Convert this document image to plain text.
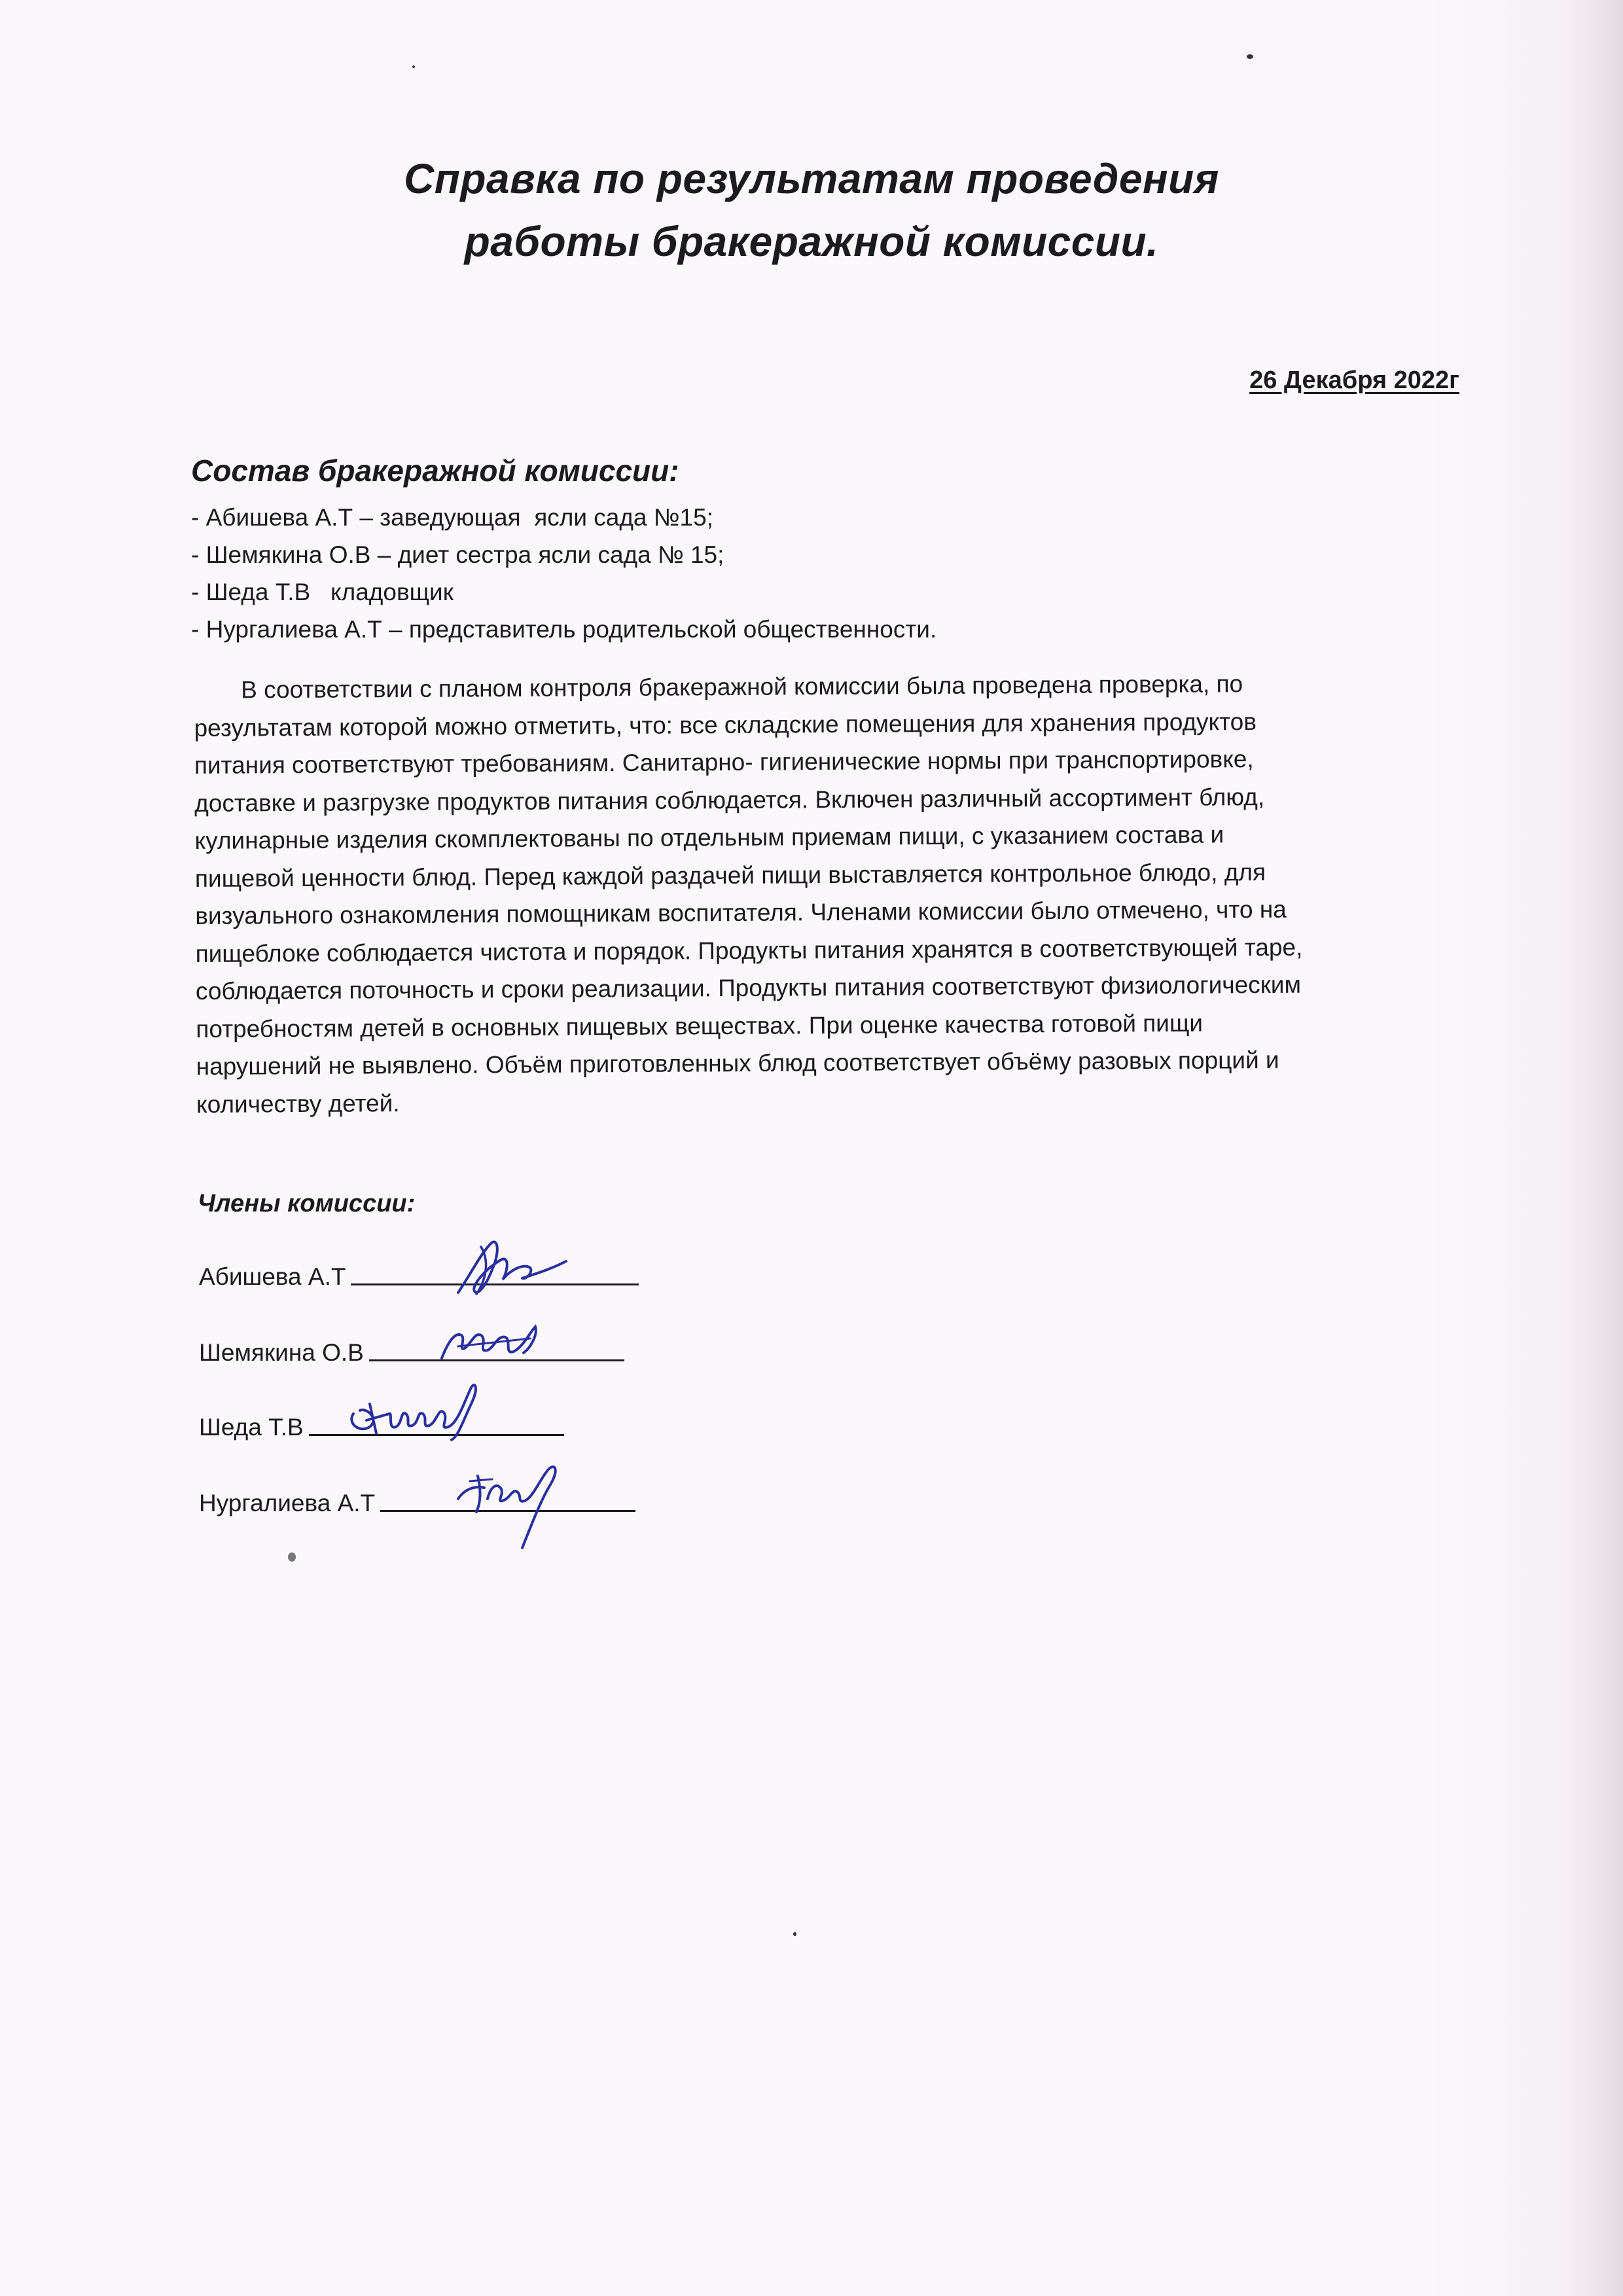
Справка по результатам проведения
работы бракеражной комиссии.
26 Декабря 2022г
Состав бракеражной комиссии:
- Абишева А.Т – заведующая  ясли сада №15;
- Шемякина О.В – диет сестра ясли сада № 15;
- Шеда Т.В   кладовщик
- Нургалиева А.Т – представитель родительской общественности.

В соответствии с планом контроля бракеражной комиссии была проведена проверка, по
результатам которой можно отметить, что: все складские помещения для хранения продуктов
питания соответствуют требованиям. Санитарно- гигиенические нормы при транспортировке,
доставке и разгрузке продуктов питания соблюдается. Включен различный ассортимент блюд,
кулинарные изделия скомплектованы по отдельным приемам пищи, с указанием состава и
пищевой ценности блюд. Перед каждой раздачей пищи выставляется контрольное блюдо, для
визуального ознакомления помощникам воспитателя. Членами комиссии было отмечено, что на
пищеблоке соблюдается чистота и порядок. Продукты питания хранятся в соответствующей таре,
соблюдается поточность и сроки реализации. Продукты питания соответствуют физиологическим
потребностям детей в основных пищевых веществах. При оценке качества готовой пищи
нарушений не выявлено. Объём приготовленных блюд соответствует объёму разовых порций и
количеству детей.

Члены комиссии:
Абишева А.Т
Шемякина О.В
Шеда Т.В
Нургалиева А.Т
